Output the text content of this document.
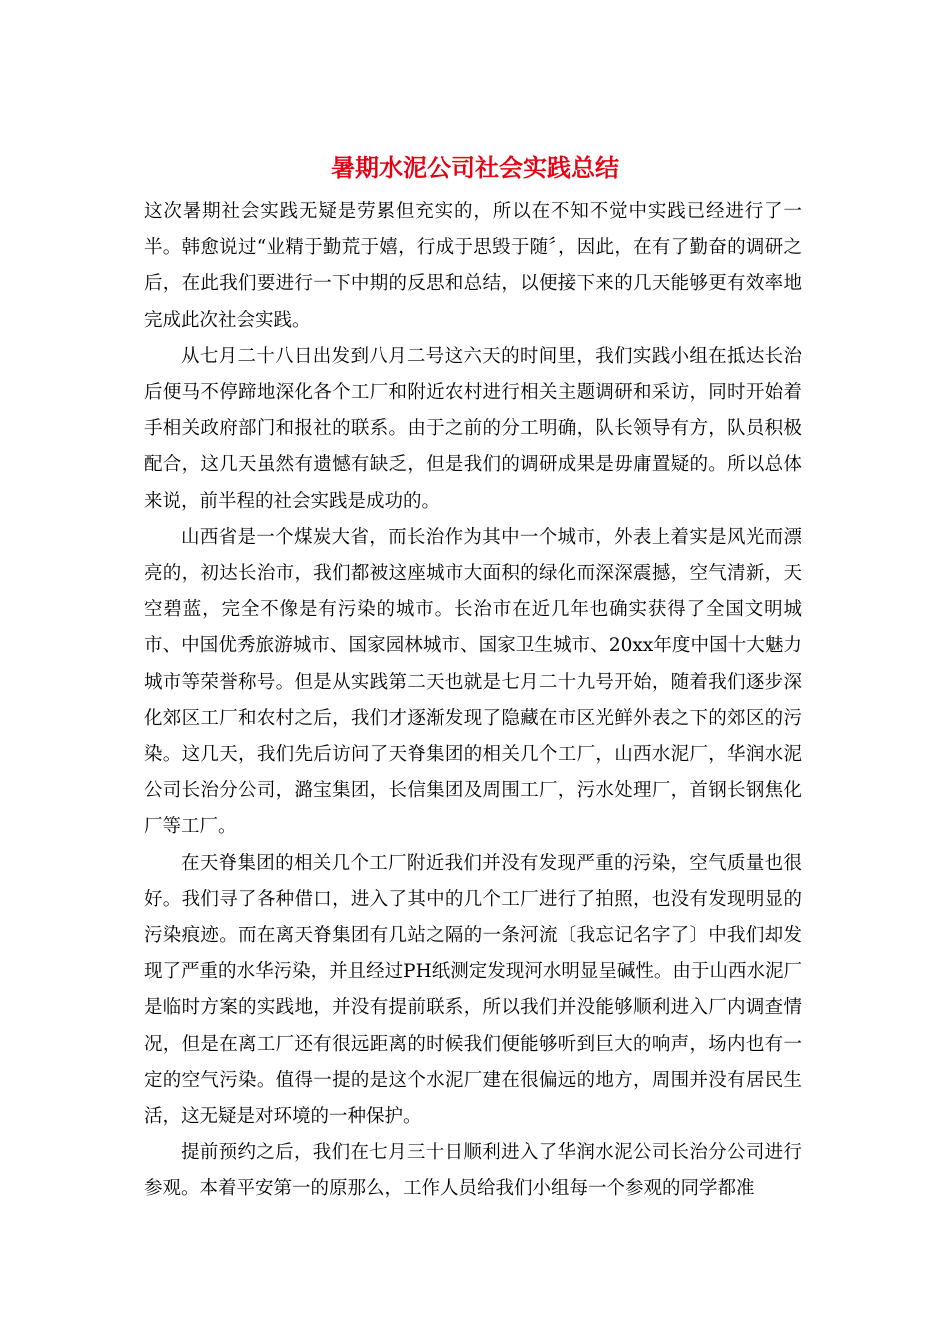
暑期水泥公司社会实践总结

这次暑期社会实践无疑是劳累但充实的，所以在不知不觉中实践已经进行了一半。韩愈说过“业精于勤荒于嬉，行成于思毁于随〞，因此，在有了勤奋的调研之后，在此我们要进行一下中期的反思和总结，以便接下来的几天能够更有效率地完成此次社会实践。

从七月二十八日出发到八月二号这六天的时间里，我们实践小组在抵达长治后便马不停蹄地深化各个工厂和附近农村进行相关主题调研和采访，同时开始着手相关政府部门和报社的联系。由于之前的分工明确，队长领导有方，队员积极配合，这几天虽然有遗憾有缺乏，但是我们的调研成果是毋庸置疑的。所以总体来说，前半程的社会实践是成功的。

山西省是一个煤炭大省，而长治作为其中一个城市，外表上着实是风光而漂亮的，初达长治市，我们都被这座城市大面积的绿化而深深震撼，空气清新，天空碧蓝，完全不像是有污染的城市。长治市在近几年也确实获得了全国文明城市、中国优秀旅游城市、国家园林城市、国家卫生城市、20xx年度中国十大魅力城市等荣誉称号。但是从实践第二天也就是七月二十九号开始，随着我们逐步深化郊区工厂和农村之后，我们才逐渐发现了隐藏在市区光鲜外表之下的郊区的污染。这几天，我们先后访问了天脊集团的相关几个工厂，山西水泥厂，华润水泥公司长治分公司，潞宝集团，长信集团及周围工厂，污水处理厂，首钢长钢焦化厂等工厂。

在天脊集团的相关几个工厂附近我们并没有发现严重的污染，空气质量也很好。我们寻了各种借口，进入了其中的几个工厂进行了拍照，也没有发现明显的污染痕迹。而在离天脊集团有几站之隔的一条河流〔我忘记名字了〕中我们却发现了严重的水华污染，并且经过PH纸测定发现河水明显呈碱性。由于山西水泥厂是临时方案的实践地，并没有提前联系，所以我们并没能够顺利进入厂内调查情况，但是在离工厂还有很远距离的时候我们便能够听到巨大的响声，场内也有一定的空气污染。值得一提的是这个水泥厂建在很偏远的地方，周围并没有居民生活，这无疑是对环境的一种保护。

提前预约之后，我们在七月三十日顺利进入了华润水泥公司长治分公司进行参观。本着平安第一的原那么，工作人员给我们小组每一个参观的同学都准
